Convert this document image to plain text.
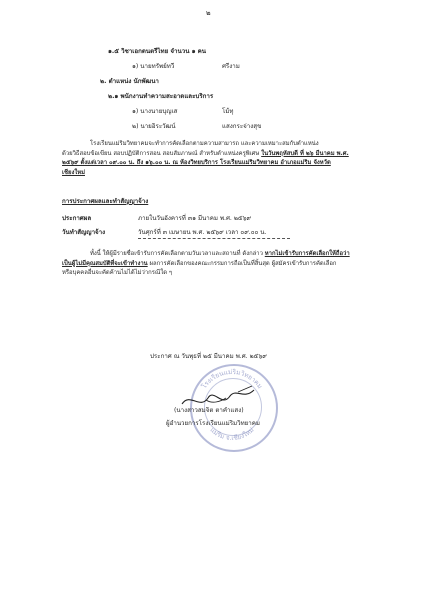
๒
๑.๕ วิชาเอกดนตรีไทย จำนวน ๑ คน
๑) นายทรัพย์ทวี	ศรีงาม
๒. ตำแหน่ง นักพัฒนา
๒.๑ พนักงานทำความสะอาดและบริการ
๑) นางนายบุญเส	โม้ทุ
๒) นายอิระวัฒน์	แสงกระจ่างสุข
โรงเรียนแม่ริมวิทยาคมจะทำการคัดเลือกตามความสามารถ และความเหมาะสมกับตำแหน่ง
ด้วยวิธีสอบข้อเขียน สอบปฏิบัติการสอน สอบสัมภาษณ์ สำหรับตำแหน่งครูพิเศษ ในวันพฤหัสบดี ที่ ๒๖ มีนาคม พ.ศ.
๒๕๖๙ ตั้งแต่เวลา ๐๙.๐๐ น. ถึง ๑๖.๐๐ น. ณ ห้องวิทยบริการ โรงเรียนแม่ริมวิทยาคม อำเภอแม่ริม จังหวัด
เชียงใหม่
การประกาศผลและทำสัญญาจ้าง
ประกาศผล	ภายในวันอังคารที่ ๓๑ มีนาคม พ.ศ. ๒๕๖๙
วันทำสัญญาจ้าง	วันศุกร์ที่ ๓ เมษายน พ.ศ. ๒๕๖๙ เวลา ๐๙.๐๐ น.
ทั้งนี้ ให้ผู้มีรายชื่อเข้ารับการคัดเลือกตามวันเวลาและสถานที่ ดังกล่าว หากไม่เข้ารับการคัดเลือกให้ถือว่า
เป็นผู้ไม่มีคุณสมบัติที่จะเข้าทำงาน ผลการคัดเลือกของคณะกรรมการถือเป็นที่สิ้นสุด ผู้สมัครเข้ารับการคัดเลือก
หรือบุคคลอื่นจะคัดค้านไม่ได้ไม่ว่ากรณีใด ๆ
ประกาศ ณ วันพุธที่ ๒๕ มีนาคม พ.ศ. ๒๕๖๙
โรงเรียนแม่ริมวิทยาคม
แม่ริม จ.เชียงใหม่
(นางสาวสมจิต ตาคำแสง)
ผู้อำนวยการโรงเรียนแม่ริมวิทยาคม
